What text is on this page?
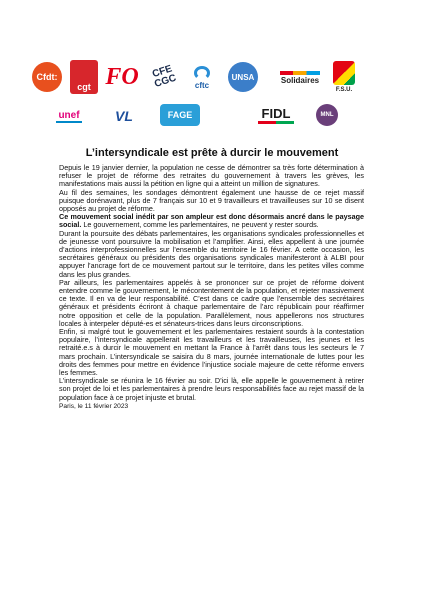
Cfdt:
cgt FO	CFE CGC	cftc
UNSA	Solidaires
F.S.U.
unef	VL	FAGE	FIDL	MNL
L’intersyndicale est prête à durcir le mouvement

Depuis le 19 janvier dernier, la population ne cesse de démontrer sa très forte détermination à refuser le projet de réforme des retraites du gouvernement à travers les grèves, les manifestations mais aussi la pétition en ligne qui a atteint un million de signatures.

Au fil des semaines, les sondages démontrent également une hausse de ce rejet massif puisque dorénavant, plus de 7 français sur 10 et 9 travailleurs et travailleuses sur 10 se disent opposés au projet de réforme.

Ce mouvement social inédit par son ampleur est donc désormais ancré dans le paysage social. Le gouvernement, comme les parlementaires, ne peuvent y rester sourds.

Durant la poursuite des débats parlementaires, les organisations syndicales professionnelles et de jeunesse vont poursuivre la mobilisation et l’amplifier. Ainsi, elles appellent à une journée d’actions interprofessionnelles sur l’ensemble du territoire le 16 février. A cette occasion, les secrétaires généraux ou présidents des organisations syndicales manifesteront à ALBI pour appuyer l’ancrage fort de ce mouvement partout sur le territoire, dans les petites villes comme dans les plus grandes.

Par ailleurs, les parlementaires appelés à se prononcer sur ce projet de réforme doivent entendre comme le gouvernement, le mécontentement de la population, et rejeter massivement ce texte. Il en va de leur responsabilité. C’est dans ce cadre que l’ensemble des secrétaires généraux et présidents écriront à chaque parlementaire de l’arc républicain pour réaffirmer notre opposition et celle de la population. Parallèlement, nous appellerons nos structures locales à interpeler député-es et sénateurs-trices dans leurs circonscriptions.

Enfin, si malgré tout le gouvernement et les parlementaires restaient sourds à la contestation populaire, l’intersyndicale appellerait les travailleurs et les travailleuses, les jeunes et les retraité.e.s à durcir le mouvement en mettant la France à l’arrêt dans tous les secteurs le 7 mars prochain. L’intersyndicale se saisira du 8 mars, journée internationale de luttes pour les droits des femmes pour mettre en évidence l’injustice sociale majeure de cette réforme envers les femmes.

L’intersyndicale se réunira le 16 février au soir. D’ici là, elle appelle le gouvernement à retirer son projet de loi et les parlementaires à prendre leurs responsabilités face au rejet massif de la population face à ce projet injuste et brutal.

Paris, le 11 février 2023
